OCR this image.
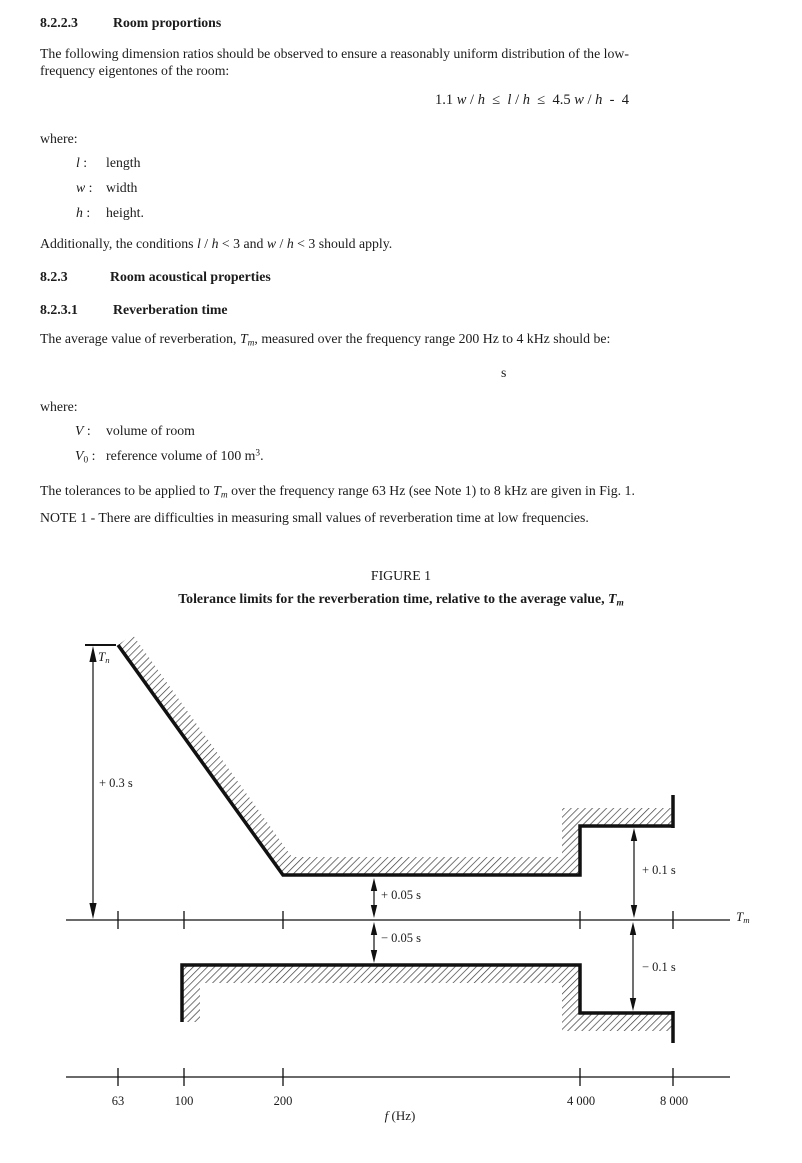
8.2.2.3	Room proportions
The following dimension ratios should be observed to ensure a reasonably uniform distribution of the low-
frequency eigentones of the room:
1.1 w / h  ≤  l / h  ≤  4.5 w / h  -  4
where:
l : length
w : width
h : height.
Additionally, the conditions l / h < 3 and w / h < 3 should apply.
8.2.3	Room acoustical properties
8.2.3.1	Reverberation time
The average value of reverberation, Tm, measured over the frequency range 200 Hz to 4 kHz should be:
s
where:
V : volume of room
V0 : reference volume of 100 $m^3$.
The tolerances to be applied to Tm over the frequency range 63 Hz (see Note 1) to 8 kHz are given in Fig. 1.
NOTE 1 - There are difficulties in measuring small values of reverberation time at low frequencies.
FIGURE 1
Tolerance limits for the reverberation time, relative to the average value, Tm
Tn
+ 0.3 s
+ 0.05 s
− 0.05 s
+ 0.1 s
− 0.1 s
Tm
63	100	200	4 000	8 000
f (Hz)
